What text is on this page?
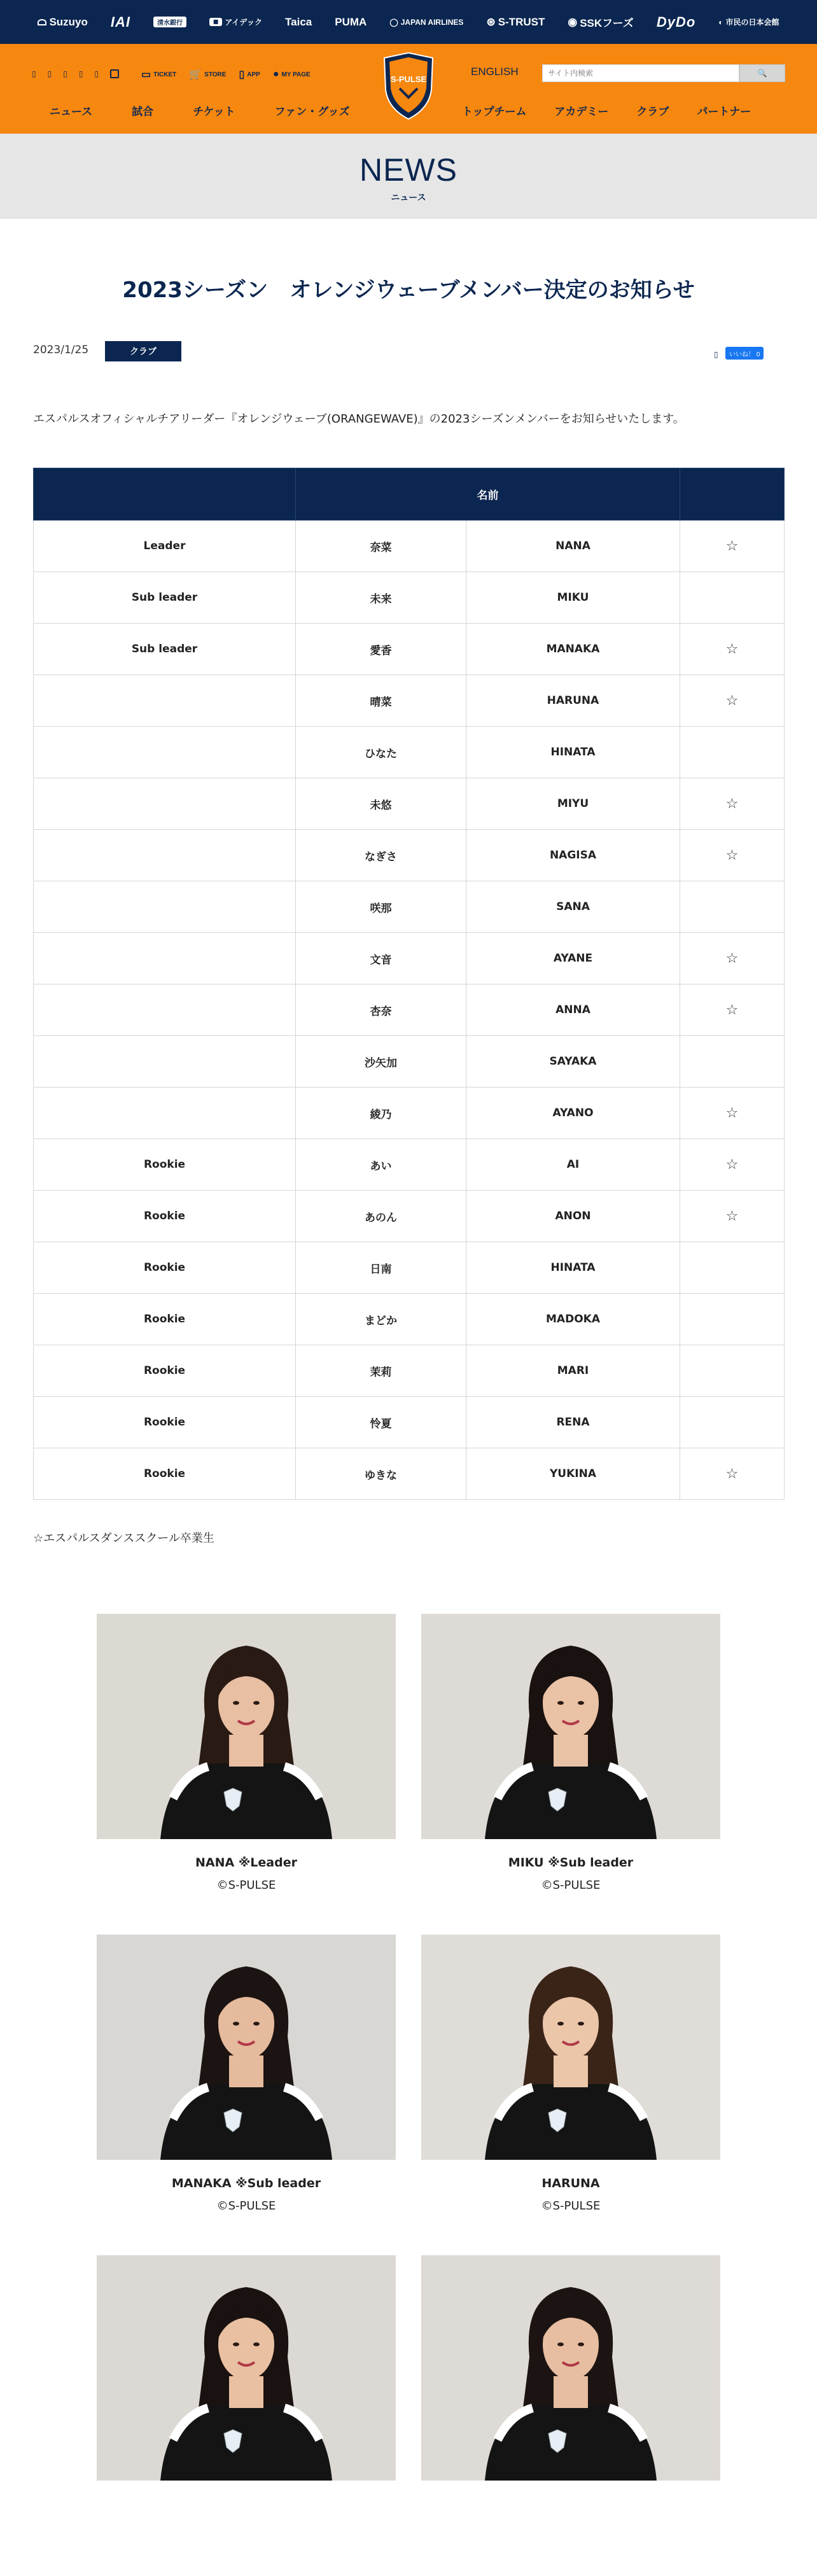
Suzuyo IAI	清水銀行	◼ アイデック Taica PUMA	◯ JAPAN AIRLINES ⊛ S-TRUST ◉ SSKフーズ DyDo	◐ 市民の日本会館
▯ ▯ ▯ ▯ ▯	▭ TICKET 🛒 STORE ▯ APP ● MY PAGE	S-PULSE
ENGLISH
サイト内検索	🔍
ニュース	試合	チケット	ファン・グッズ	トップチーム	アカデミー	クラブ	パートナー
NEWS
ニュース
2023シーズン　オレンジウェーブメンバー決定のお知らせ
2023/1/25	クラブ	▯	いいね！ 0

エスパルスオフィシャルチアリーダー『オレンジウェーブ(ORANGEWAVE)』の2023シーズンメンバーをお知らせいたします。

	名前		
Leader	奈菜	NANA	☆
Sub leader	未来	MIKU	
Sub leader	愛香	MANAKA	☆
	晴菜	HARUNA	☆
	ひなた	HINATA	
	未悠	MIYU	☆
	なぎさ	NAGISA	☆
	咲那	SANA	
	文音	AYANE	☆
	杏奈	ANNA	☆
	沙矢加	SAYAKA	
	綾乃	AYANO	☆
Rookie	あい	AI	☆
Rookie	あのん	ANON	☆
Rookie	日南	HINATA	
Rookie	まどか	MADOKA	
Rookie	茉莉	MARI	
Rookie	怜夏	RENA	
Rookie	ゆきな	YUKINA	☆

☆エスパルスダンススクール卒業生

NANA ※Leader
©S-PULSE
MIKU ※Sub leader
©S-PULSE
MANAKA ※Sub leader
©S-PULSE
HARUNA
©S-PULSE
